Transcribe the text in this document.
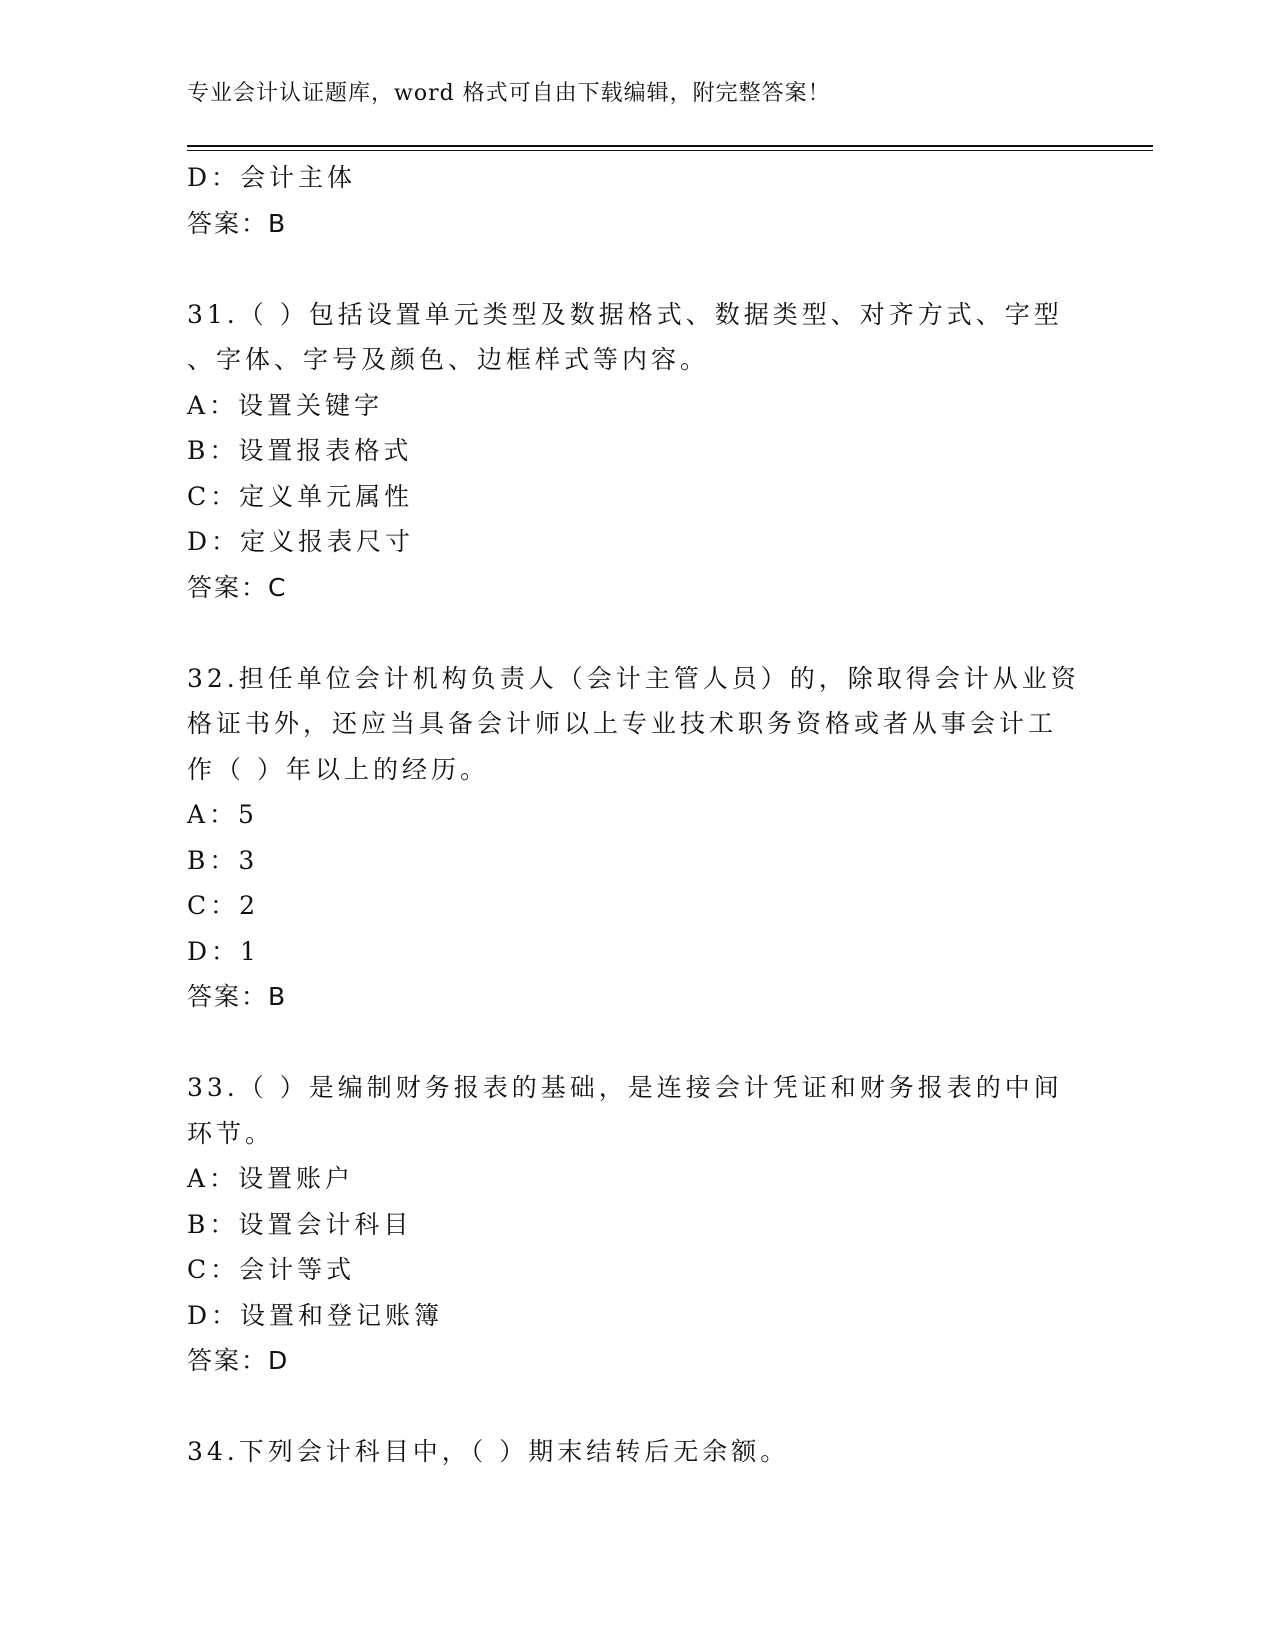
专业会计认证题库，word 格式可自由下载编辑，附完整答案！
D：会计主体
答案：B
31.（ ）包括设置单元类型及数据格式、数据类型、对齐方式、字型
、字体、字号及颜色、边框样式等内容。
A：设置关键字
B：设置报表格式
C：定义单元属性
D：定义报表尺寸
答案：C
32.担任单位会计机构负责人（会计主管人员）的，除取得会计从业资
格证书外，还应当具备会计师以上专业技术职务资格或者从事会计工
作（ ）年以上的经历。
A：5
B：3
C：2
D：1
答案：B
33.（ ）是编制财务报表的基础，是连接会计凭证和财务报表的中间
环节。
A：设置账户
B：设置会计科目
C：会计等式
D：设置和登记账簿
答案：D
34.下列会计科目中，（ ）期末结转后无余额。
